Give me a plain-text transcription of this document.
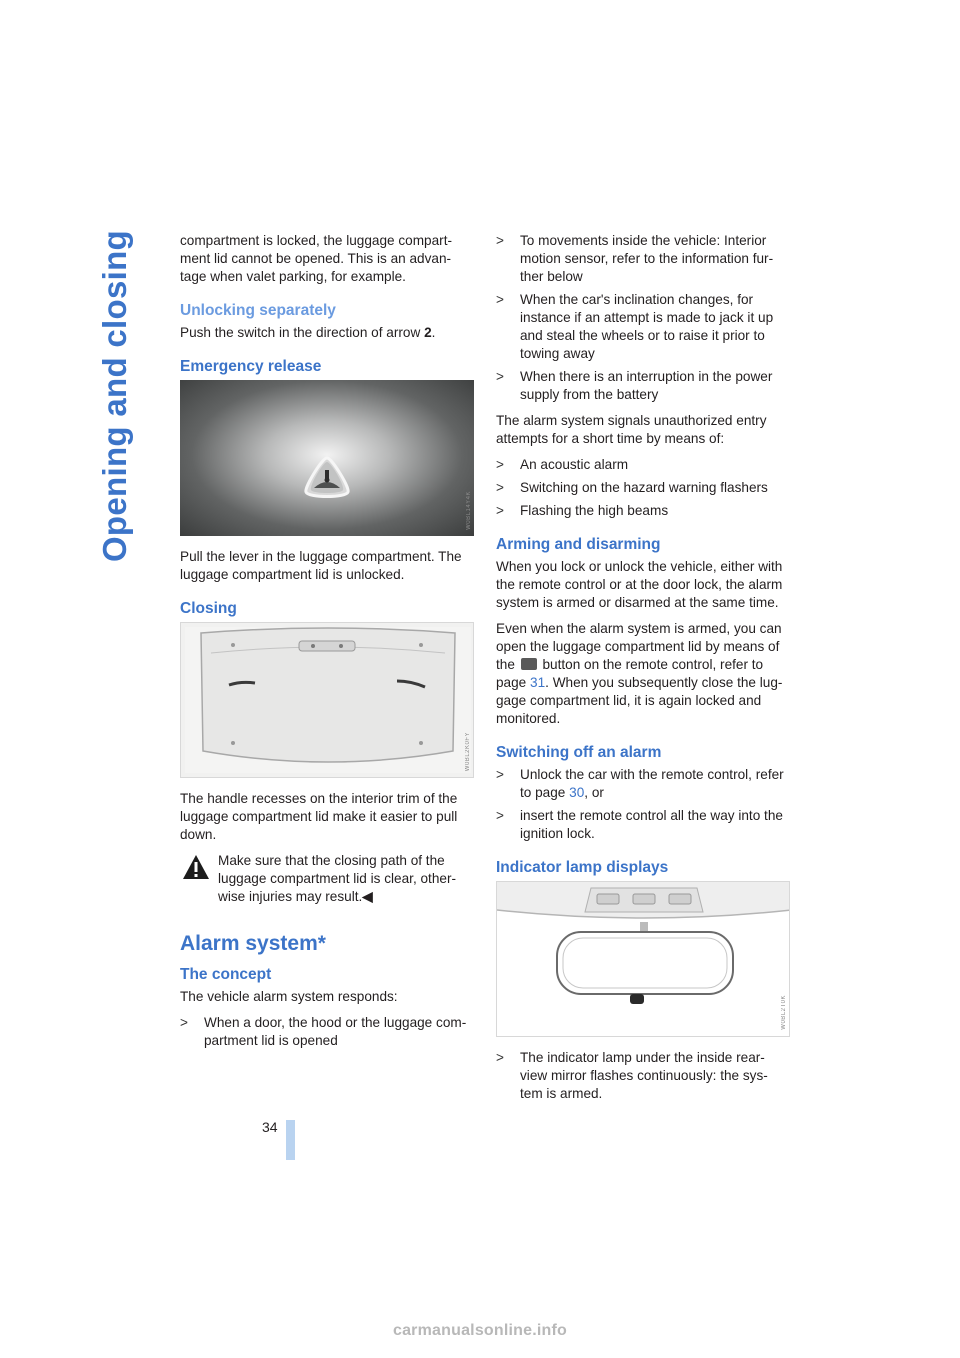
Opening and closing	compartment is locked, the luggage compart-ment lid cannot be opened. This is an advan-tage when valet parking, for example.

Unlocking separately

Push the switch in the direction of arrow 2.

Emergency release
W0BL14Y4K

Pull the lever in the luggage compartment. The luggage compartment lid is unlocked.

Closing
W0BL2K0FY

The handle recesses on the interior trim of the luggage compartment lid make it easier to pull down.

Make sure that the closing path of the luggage compartment lid is clear, other-wise injuries may result.◀

Alarm system*
The concept

The vehicle alarm system responds:

> When a door, the hood or the luggage com-partment lid is opened
> To movements inside the vehicle: Interior motion sensor, refer to the information fur-ther below
> When the car's inclination changes, for instance if an attempt is made to jack it up and steal the wheels or to raise it prior to towing away
> When there is an interruption in the power supply from the battery

The alarm system signals unauthorized entry attempts for a short time by means of:

> An acoustic alarm
> Switching on the hazard warning flashers
> Flashing the high beams
Arming and disarming

When you lock or unlock the vehicle, either with the remote control or at the door lock, the alarm system is armed or disarmed at the same time.

Even when the alarm system is armed, you can open the luggage compartment lid by means of the  button on the remote control, refer to page 31. When you subsequently close the lug-gage compartment lid, it is again locked and monitored.

Switching off an alarm
> Unlock the car with the remote control, refer to page 30, or
> insert the remote control all the way into the ignition lock.
Indicator lamp displays
W0BL2T0K
> The indicator lamp under the inside rear-view mirror flashes continuously: the sys-tem is armed.
34
carmanualsonline.info
